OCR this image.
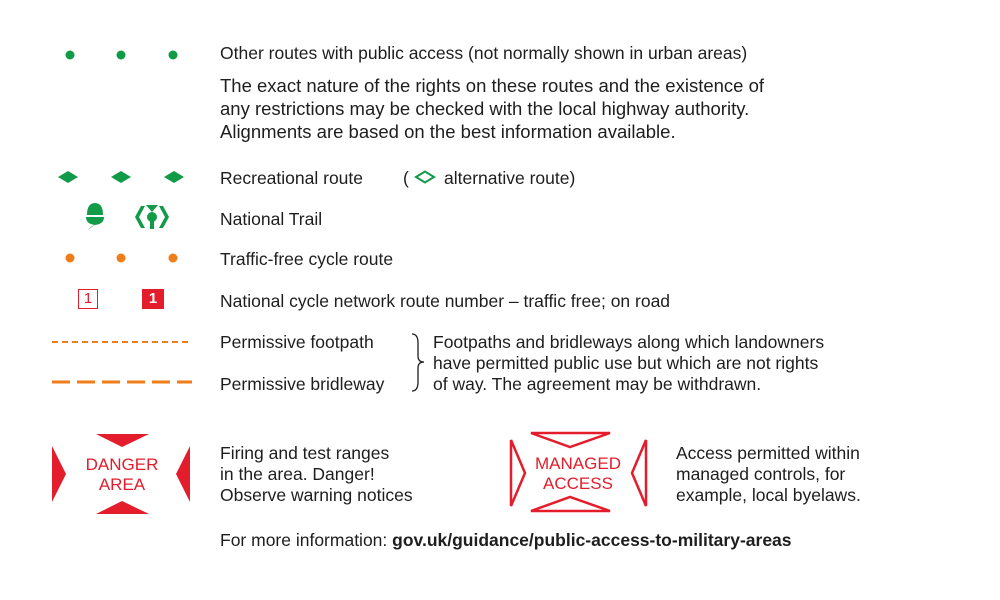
Other routes with public access (not normally shown in urban areas)
The exact nature of the rights on these routes and the existence of
any restrictions may be checked with the local highway authority.
Alignments are based on the best information available.
Recreational route ( alternative route)
National Trail
Traffic-free cycle route
1	1	National cycle network route number – traffic free; on road
Permissive footpath
Permissive bridleway
Footpaths and bridleways along which landowners
have permitted public use but which are not rights
of way. The agreement may be withdrawn.
DANGER
AREA
Firing and test ranges
in the area. Danger!
Observe warning notices
MANAGED
ACCESS
Access permitted within
managed controls, for
example, local byelaws.
For more information: gov.uk/guidance/public-access-to-military-areas
